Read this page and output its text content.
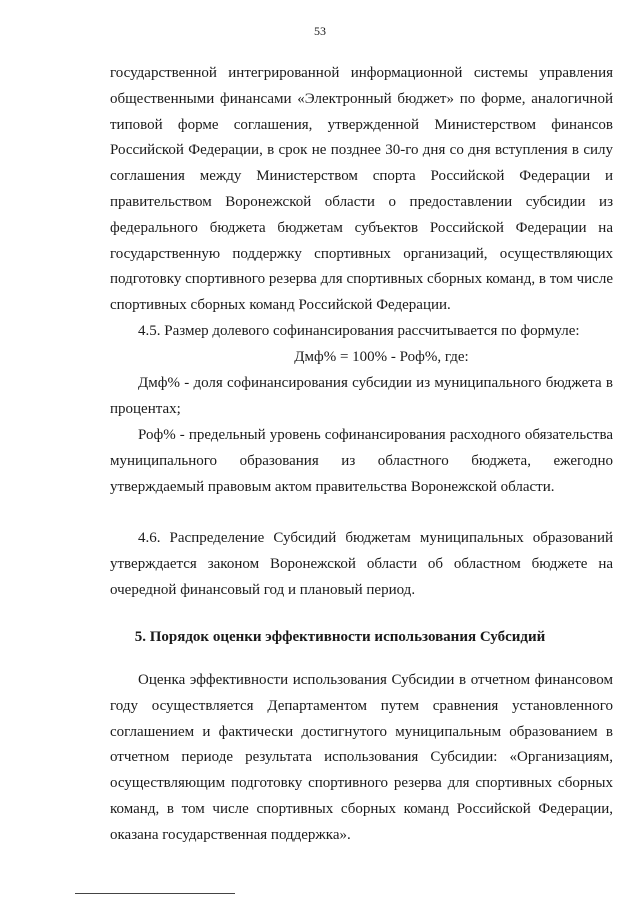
53
государственной интегрированной информационной системы управления общественными финансами «Электронный бюджет» по форме, аналогичной типовой форме соглашения, утвержденной Министерством финансов Российской Федерации, в срок не позднее 30-го дня со дня вступления в силу соглашения между Министерством спорта Российской Федерации и правительством Воронежской области о предоставлении субсидии из федерального бюджета бюджетам субъектов Российской Федерации на государственную поддержку спортивных организаций, осуществляющих подготовку спортивного резерва для спортивных сборных команд, в том числе спортивных сборных команд Российской Федерации.
4.5. Размер долевого софинансирования рассчитывается по формуле:
Дмф% = 100% - Роф%, где:
Дмф% - доля софинансирования субсидии из муниципального бюджета в процентах;
Роф% - предельный уровень софинансирования расходного обязательства муниципального образования из областного бюджета, ежегодно утверждаемый правовым актом правительства Воронежской области.
4.6. Распределение Субсидий бюджетам муниципальных образований утверждается законом Воронежской области об областном бюджете на очередной финансовый год и плановый период.
5. Порядок оценки эффективности использования Субсидий
Оценка эффективности использования Субсидии в отчетном финансовом году осуществляется Департаментом путем сравнения установленного соглашением и фактически достигнутого муниципальным образованием в отчетном периоде результата использования Субсидии: «Организациям, осуществляющим подготовку спортивного резерва для спортивных сборных команд, в том числе спортивных сборных команд Российской Федерации, оказана государственная поддержка».
